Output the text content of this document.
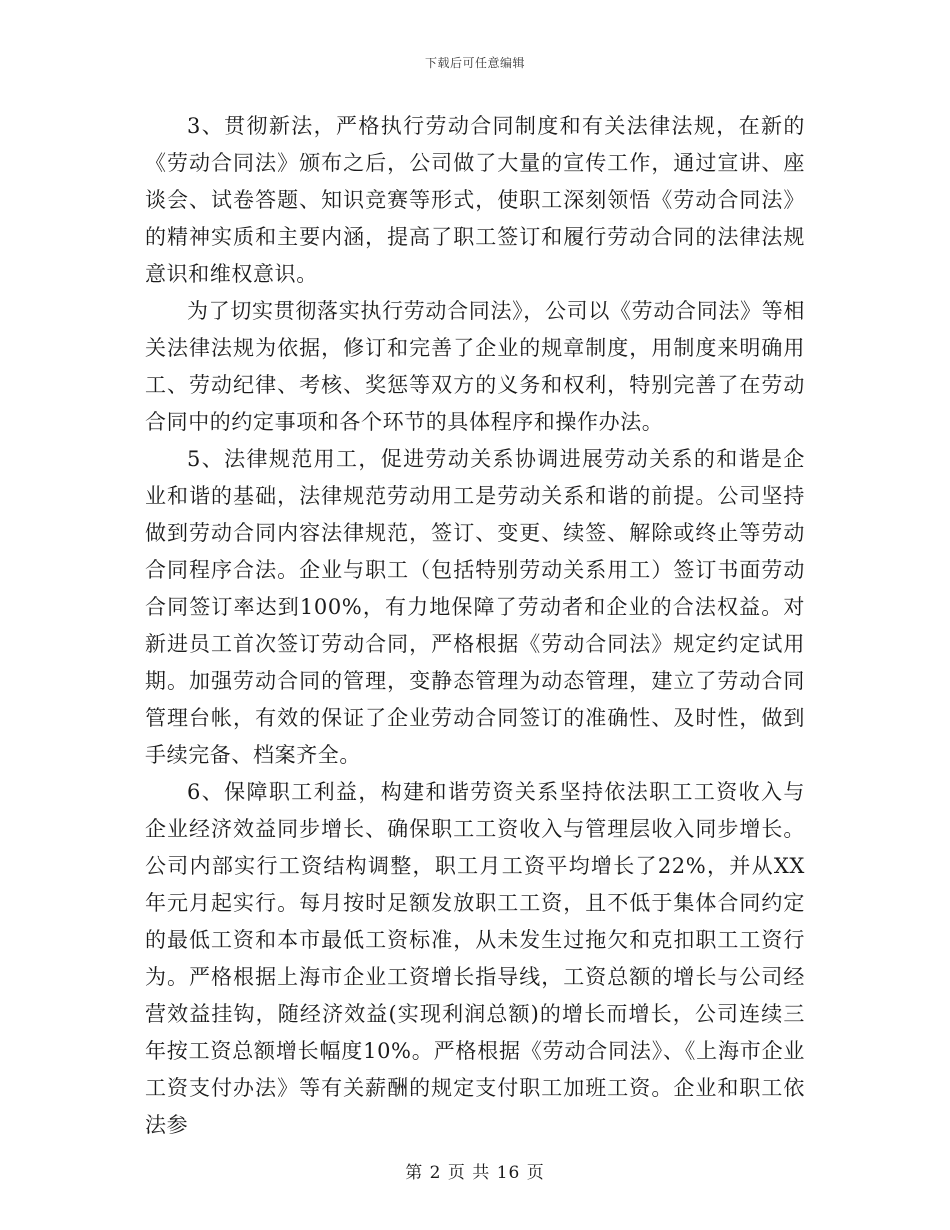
下载后可任意编辑

3、贯彻新法，严格执行劳动合同制度和有关法律法规，在新的《劳动合同法》颁布之后，公司做了大量的宣传工作，通过宣讲、座谈会、试卷答题、知识竞赛等形式，使职工深刻领悟《劳动合同法》的精神实质和主要内涵，提高了职工签订和履行劳动合同的法律法规意识和维权意识。

为了切实贯彻落实执行劳动合同法》，公司以《劳动合同法》等相关法律法规为依据，修订和完善了企业的规章制度，用制度来明确用工、劳动纪律、考核、奖惩等双方的义务和权利，特别完善了在劳动合同中的约定事项和各个环节的具体程序和操作办法。

5、法律规范用工，促进劳动关系协调进展劳动关系的和谐是企业和谐的基础，法律规范劳动用工是劳动关系和谐的前提。公司坚持做到劳动合同内容法律规范，签订、变更、续签、解除或终止等劳动合同程序合法。企业与职工（包括特别劳动关系用工）签订书面劳动合同签订率达到100%，有力地保障了劳动者和企业的合法权益。对新进员工首次签订劳动合同，严格根据《劳动合同法》规定约定试用期。加强劳动合同的管理，变静态管理为动态管理，建立了劳动合同管理台帐，有效的保证了企业劳动合同签订的准确性、及时性，做到手续完备、档案齐全。

6、保障职工利益，构建和谐劳资关系坚持依法职工工资收入与企业经济效益同步增长、确保职工工资收入与管理层收入同步增长。公司内部实行工资结构调整，职工月工资平均增长了22%，并从XX年元月起实行。每月按时足额发放职工工资，且不低于集体合同约定的最低工资和本市最低工资标准，从未发生过拖欠和克扣职工工资行为。严格根据上海市企业工资增长指导线，工资总额的增长与公司经营效益挂钩，随经济效益(实现利润总额)的增长而增长，公司连续三年按工资总额增长幅度10%。严格根据《劳动合同法》、《上海市企业工资支付办法》等有关薪酬的规定支付职工加班工资。企业和职工依法参

第 2 页 共 16 页
